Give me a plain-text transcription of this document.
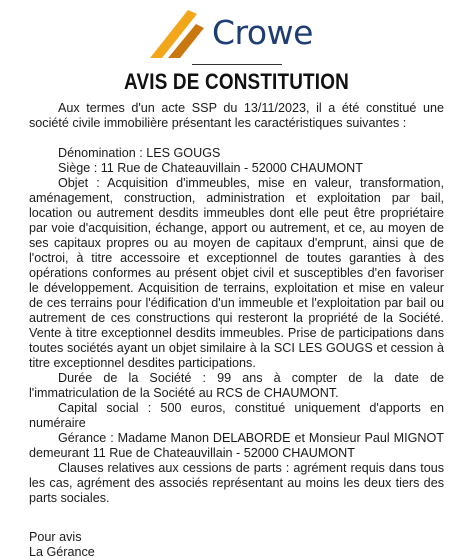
Crowe
AVIS DE CONSTITUTION

Aux termes d'un acte SSP du 13/11/2023, il a été constitué une société civile immobilière présentant les caractéristiques suivantes :

Dénomination : LES GOUGS

Siège : 11 Rue de Chateauvillain - 52000 CHAUMONT

Objet : Acquisition d'immeubles, mise en valeur, transformation, aménagement, construction, administration et exploitation par bail, location ou autrement desdits immeubles dont elle peut être propriétaire par voie d'acquisition, échange, apport ou autrement, et ce, au moyen de ses capitaux propres ou au moyen de capitaux d'emprunt, ainsi que de l'octroi, à titre accessoire et exceptionnel de toutes garanties à des opérations conformes au présent objet civil et susceptibles d'en favoriser le développement. Acquisition de terrains, exploitation et mise en valeur de ces terrains pour l'édification d'un immeuble et l'exploitation par bail ou autrement de ces constructions qui resteront la propriété de la Société. Vente à titre exceptionnel desdits immeubles. Prise de participations dans toutes sociétés ayant un objet similaire à la SCI LES GOUGS et cession à titre exceptionnel desdites participations.

Durée de la Société : 99 ans à compter de la date de l'immatriculation de la Société au RCS de CHAUMONT.

Capital social : 500 euros, constitué uniquement d'apports en numéraire

Gérance : Madame Manon DELABORDE et Monsieur Paul MIGNOT demeurant 11 Rue de Chateauvillain - 52000 CHAUMONT

Clauses relatives aux cessions de parts : agrément requis dans tous les cas, agrément des associés représentant au moins les deux tiers des parts sociales.

Pour avis

La Gérance
